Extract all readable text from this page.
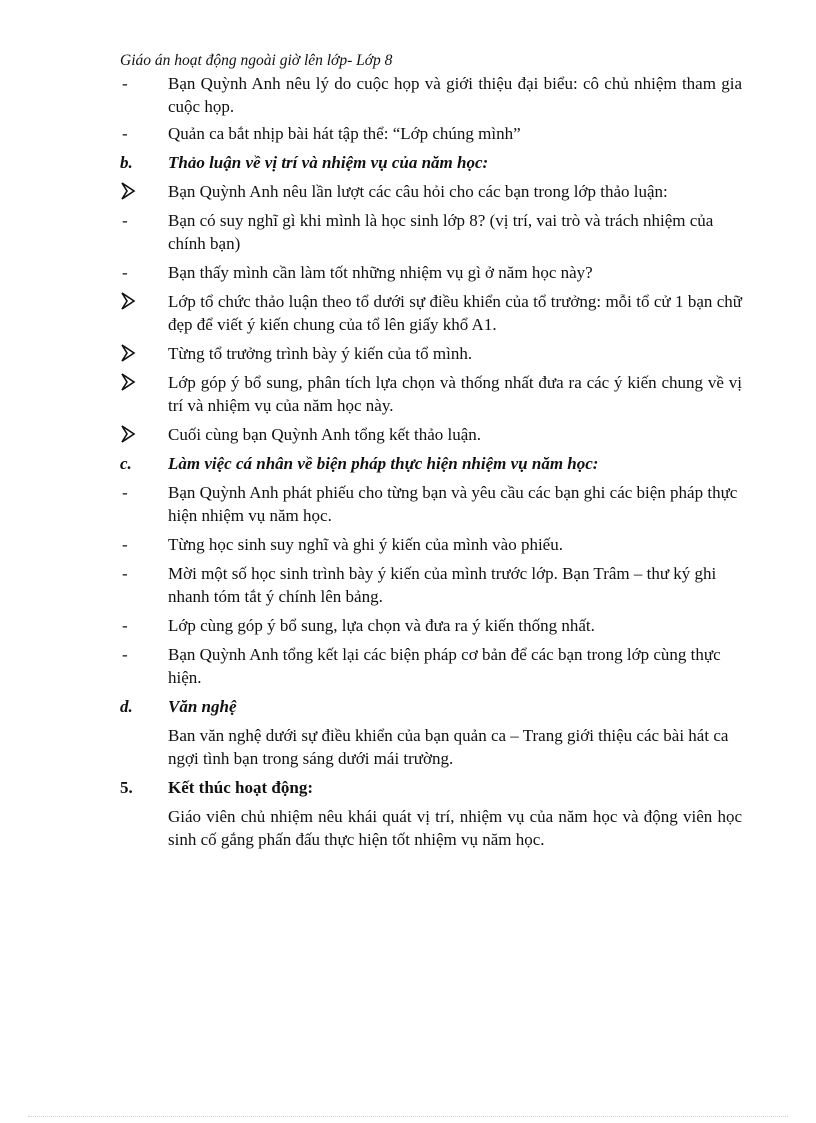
Giáo án hoạt động ngoài giờ lên lớp- Lớp 8
- Bạn Quỳnh Anh nêu lý do cuộc họp và giới thiệu đại biểu: cô chủ nhiệm tham gia cuộc họp.
- Quản ca bắt nhịp bài hát tập thể: “Lớp chúng mình”
b. Thảo luận về vị trí và nhiệm vụ của năm học:
Bạn Quỳnh Anh nêu lần lượt các câu hỏi cho các bạn trong lớp thảo luận:
- Bạn có suy nghĩ gì khi mình là học sinh lớp 8? (vị trí, vai trò và trách nhiệm của chính bạn)
- Bạn thấy mình cần làm tốt những nhiệm vụ gì ở năm học này?
Lớp tổ chức thảo luận theo tổ dưới sự điều khiển của tổ trưởng: mỗi tổ cử 1 bạn chữ đẹp để viết ý kiến chung của tổ lên giấy khổ A1.
Từng tổ trưởng trình bày ý kiến của tổ mình.
Lớp góp ý bổ sung, phân tích lựa chọn và thống nhất đưa ra các ý kiến chung về vị trí và nhiệm vụ của năm học này.
Cuối cùng bạn Quỳnh Anh tổng kết thảo luận.
c. Làm việc cá nhân về biện pháp thực hiện nhiệm vụ năm học:
- Bạn Quỳnh Anh phát phiếu cho từng bạn và yêu cầu các bạn ghi các biện pháp thực hiện nhiệm vụ năm học.
- Từng học sinh suy nghĩ và ghi ý kiến của mình vào phiếu.
- Mời một số học sinh trình bày ý kiến của mình trước lớp. Bạn Trâm – thư ký ghi nhanh tóm tắt ý chính lên bảng.
- Lớp cùng góp ý bổ sung, lựa chọn và đưa ra ý kiến thống nhất.
- Bạn Quỳnh Anh tổng kết lại các biện pháp cơ bản để các bạn trong lớp cùng thực hiện.
d. Văn nghệ
Ban văn nghệ dưới sự điều khiển của bạn quản ca – Trang giới thiệu các bài hát ca ngợi tình bạn trong sáng dưới mái trường.
5. Kết thúc hoạt động:
Giáo viên chủ nhiệm nêu khái quát vị trí, nhiệm vụ của năm học và động viên học sinh cố gắng phấn đấu thực hiện tốt nhiệm vụ năm học.
